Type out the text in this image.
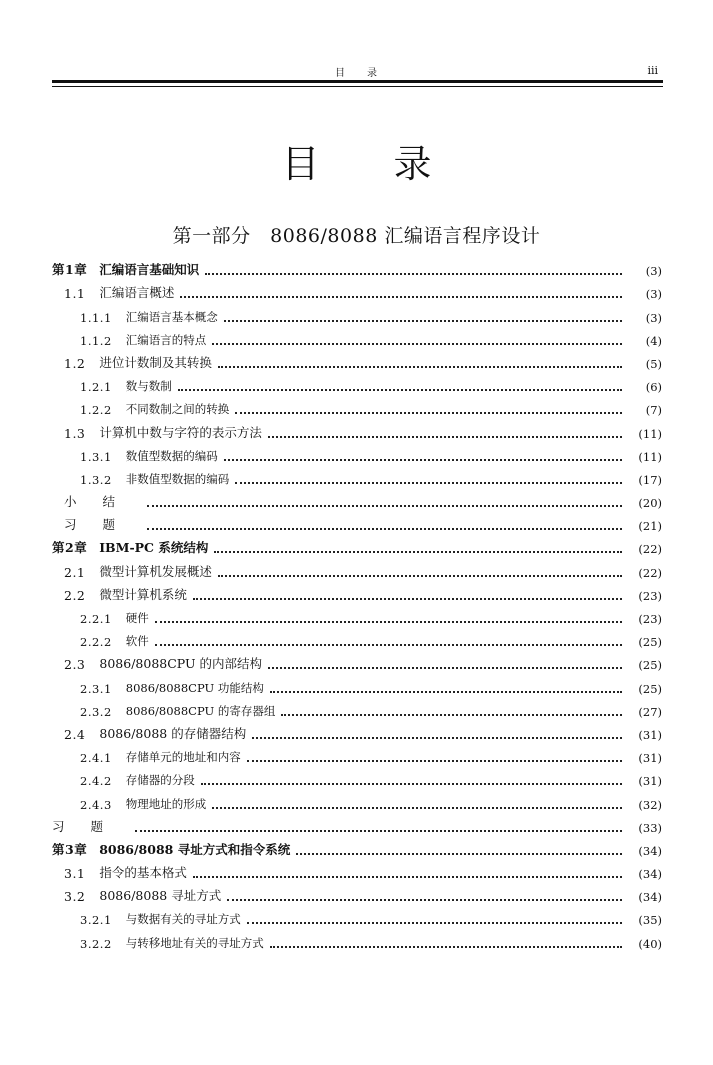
目录	iii
目录
第一部分　8086/8088 汇编语言程序设计
第1章 汇编语言基础知识	(3)
1.1 汇编语言概述	(3)
1.1.1 汇编语言基本概念	(3)
1.1.2 汇编语言的特点	(4)
1.2 进位计数制及其转换	(5)
1.2.1 数与数制	(6)
1.2.2 不同数制之间的转换	(7)
1.3 计算机中数与字符的表示方法	(11)
1.3.1 数值型数据的编码	(11)
1.3.2 非数值型数据的编码	(17)
小结	(20)
习题	(21)
第2章 IBM-PC 系统结构	(22)
2.1 微型计算机发展概述	(22)
2.2 微型计算机系统	(23)
2.2.1 硬件	(23)
2.2.2 软件	(25)
2.3 8086/8088CPU 的内部结构	(25)
2.3.1 8086/8088CPU 功能结构	(25)
2.3.2 8086/8088CPU 的寄存器组	(27)
2.4 8086/8088 的存储器结构	(31)
2.4.1 存储单元的地址和内容	(31)
2.4.2 存储器的分段	(31)
2.4.3 物理地址的形成	(32)
习题	(33)
第3章 8086/8088 寻址方式和指令系统	(34)
3.1 指令的基本格式	(34)
3.2 8086/8088 寻址方式	(34)
3.2.1 与数据有关的寻址方式	(35)
3.2.2 与转移地址有关的寻址方式	(40)
